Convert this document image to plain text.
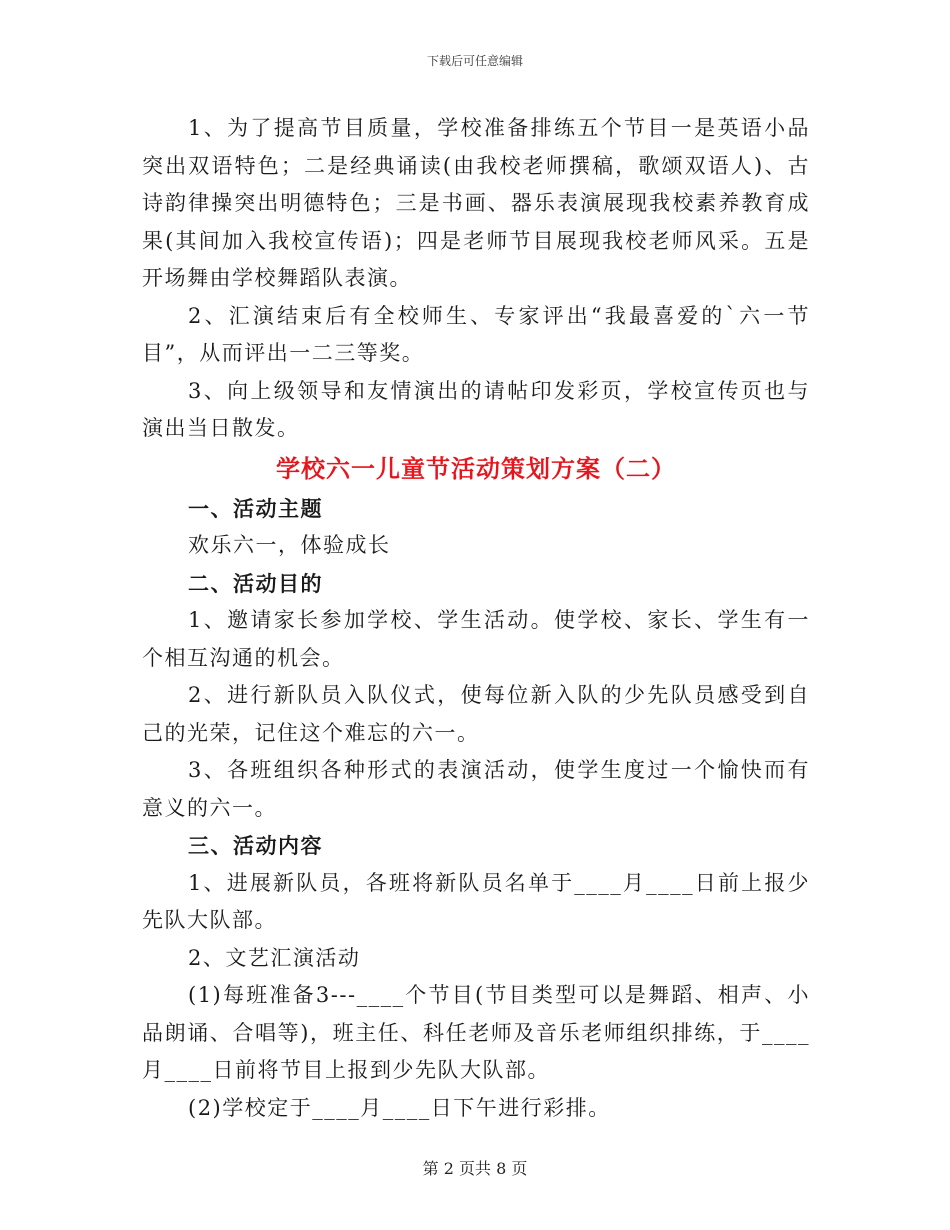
下载后可任意编辑

1、为了提高节目质量，学校准备排练五个节目一是英语小品突出双语特色；二是经典诵读(由我校老师撰稿，歌颂双语人)、古诗韵律操突出明德特色；三是书画、器乐表演展现我校素养教育成果(其间加入我校宣传语)；四是老师节目展现我校老师风采。五是开场舞由学校舞蹈队表演。

2、汇演结束后有全校师生、专家评出“我最喜爱的`六一节目”，从而评出一二三等奖。

3、向上级领导和友情演出的请帖印发彩页，学校宣传页也与演出当日散发。

学校六一儿童节活动策划方案（二）

一、活动主题

欢乐六一，体验成长

二、活动目的

1、邀请家长参加学校、学生活动。使学校、家长、学生有一个相互沟通的机会。

2、进行新队员入队仪式，使每位新入队的少先队员感受到自己的光荣，记住这个难忘的六一。

3、各班组织各种形式的表演活动，使学生度过一个愉快而有意义的六一。

三、活动内容

1、进展新队员，各班将新队员名单于____月____日前上报少先队大队部。

2、文艺汇演活动

(1)每班准备3---____个节目(节目类型可以是舞蹈、相声、小品朗诵、合唱等)，班主任、科任老师及音乐老师组织排练，于____月____日前将节目上报到少先队大队部。

(2)学校定于____月____日下午进行彩排。

第 2 页共 8 页
